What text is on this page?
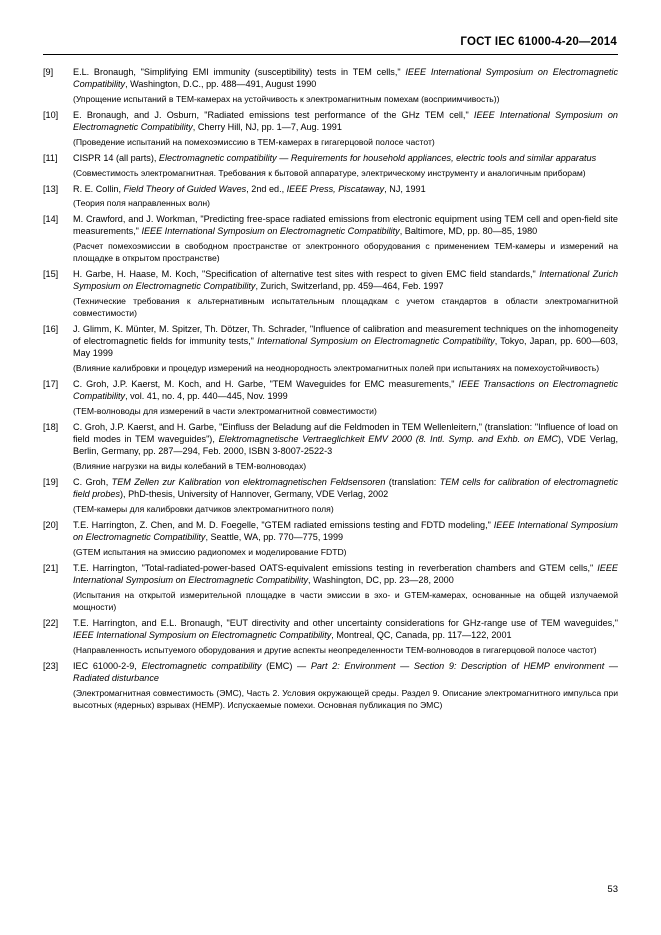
ГОСТ IEC 61000-4-20—2014
[9]	E.L. Bronaugh, "Simplifying EMI immunity (susceptibility) tests in TEM cells," IEEE International Symposium on Electromagnetic Compatibility, Washington, D.C., pp. 488—491, August 1990
(Упрощение испытаний в ТЕМ-камерах на устойчивость к электромагнитным помехам (восприимчивость))
[10]	E. Bronaugh, and J. Osburn, "Radiated emissions test performance of the GHz TEM cell," IEEE International Symposium on Electromagnetic Compatibility, Cherry Hill, NJ, pp. 1—7, Aug. 1991
(Проведение испытаний на помехоэмиссию в ТЕМ-камерах в гигагерцовой полосе частот)
[11]	CISPR 14 (all parts), Electromagnetic compatibility — Requirements for household appliances, electric tools and similar apparatus
(Совместимость электромагнитная. Требования к бытовой аппаратуре, электрическому инструменту и аналогичным приборам)
[13]	R. E. Collin, Field Theory of Guided Waves, 2nd ed., IEEE Press, Piscataway, NJ, 1991
(Теория поля направленных волн)
[14]	M. Crawford, and J. Workman, "Predicting free-space radiated emissions from electronic equipment using TEM cell and open-field site measurements," IEEE International Symposium on Electromagnetic Compatibility, Baltimore, MD, pp. 80—85, 1980
(Расчет помехоэмиссии в свободном пространстве от электронного оборудования с применением ТЕМ-камеры и измерений на площадке в открытом пространстве)
[15]	H. Garbe, H. Haase, M. Koch, "Specification of alternative test sites with respect to given EMC field standards," International Zurich Symposium on Electromagnetic Compatibility, Zurich, Switzerland, pp. 459—464, Feb. 1997
(Технические требования к альтернативным испытательным площадкам с учетом стандартов в области электромагнитной совместимости)
[16]	J. Glimm, K. Münter, M. Spitzer, Th. Dötzer, Th. Schrader, "Influence of calibration and measurement techniques on the inhomogeneity of electromagnetic fields for immunity tests," International Symposium on Electromagnetic Compatibility, Tokyo, Japan, pp. 600—603, May 1999
(Влияние калибровки и процедур измерений на неоднородность электромагнитных полей при испытаниях на помехоустойчивость)
[17]	C. Groh, J.P. Kaerst, M. Koch, and H. Garbe, "TEM Waveguides for EMC measurements," IEEE Transactions on Electromagnetic Compatibility, vol. 41, no. 4, pp. 440—445, Nov. 1999
(ТЕМ-волноводы для измерений в части электромагнитной совместимости)
[18]	C. Groh, J.P. Kaerst, and H. Garbe, "Einfluss der Beladung auf die Feldmoden in TEM Wellenleitern," (translation: "Influence of load on field modes in TEM waveguides"), Elektromagnetische Vertraeglichkeit EMV 2000 (8. Intl. Symp. and Exhb. on EMC), VDE Verlag, Berlin, Germany, pp. 287—294, Feb. 2000, ISBN 3-8007-2522-3
(Влияние нагрузки на виды колебаний в ТЕМ-волноводах)
[19]	C. Groh, TEM Zellen zur Kalibration von elektromagnetischen Feldsensoren (translation: TEM cells for calibration of electromagnetic field probes), PhD-thesis, University of Hannover, Germany, VDE Verlag, 2002
(ТЕМ-камеры для калибровки датчиков электромагнитного поля)
[20]	T.E. Harrington, Z. Chen, and M. D. Foegelle, "GTEM radiated emissions testing and FDTD modeling," IEEE International Symposium on Electromagnetic Compatibility, Seattle, WA, pp. 770—775, 1999
(GTEM испытания на эмиссию радиопомех и моделирование FDTD)
[21]	T.E. Harrington, "Total-radiated-power-based OATS-equivalent emissions testing in reverberation chambers and GTEM cells," IEEE International Symposium on Electromagnetic Compatibility, Washington, DC, pp. 23—28, 2000
(Испытания на открытой измерительной площадке в части эмиссии в эхо- и GTEM-камерах, основанные на общей излучаемой мощности)
[22]	T.E. Harrington, and E.L. Bronaugh, "EUT directivity and other uncertainty considerations for GHz-range use of TEM waveguides," IEEE International Symposium on Electromagnetic Compatibility, Montreal, QC, Canada, pp. 117—122, 2001
(Направленность испытуемого оборудования и другие аспекты неопределенности ТЕМ-волноводов в гигагерцовой полосе частот)
[23]	IEC 61000-2-9, Electromagnetic compatibility (EMC) — Part 2: Environment — Section 9: Description of HEMP environment — Radiated disturbance
(Электромагнитная совместимость (ЭМС), Часть 2. Условия окружающей среды. Раздел 9. Описание электромагнитного импульса при высотных (ядерных) взрывах (HEMP). Испускаемые помехи. Основная публикация по ЭМС)
53
